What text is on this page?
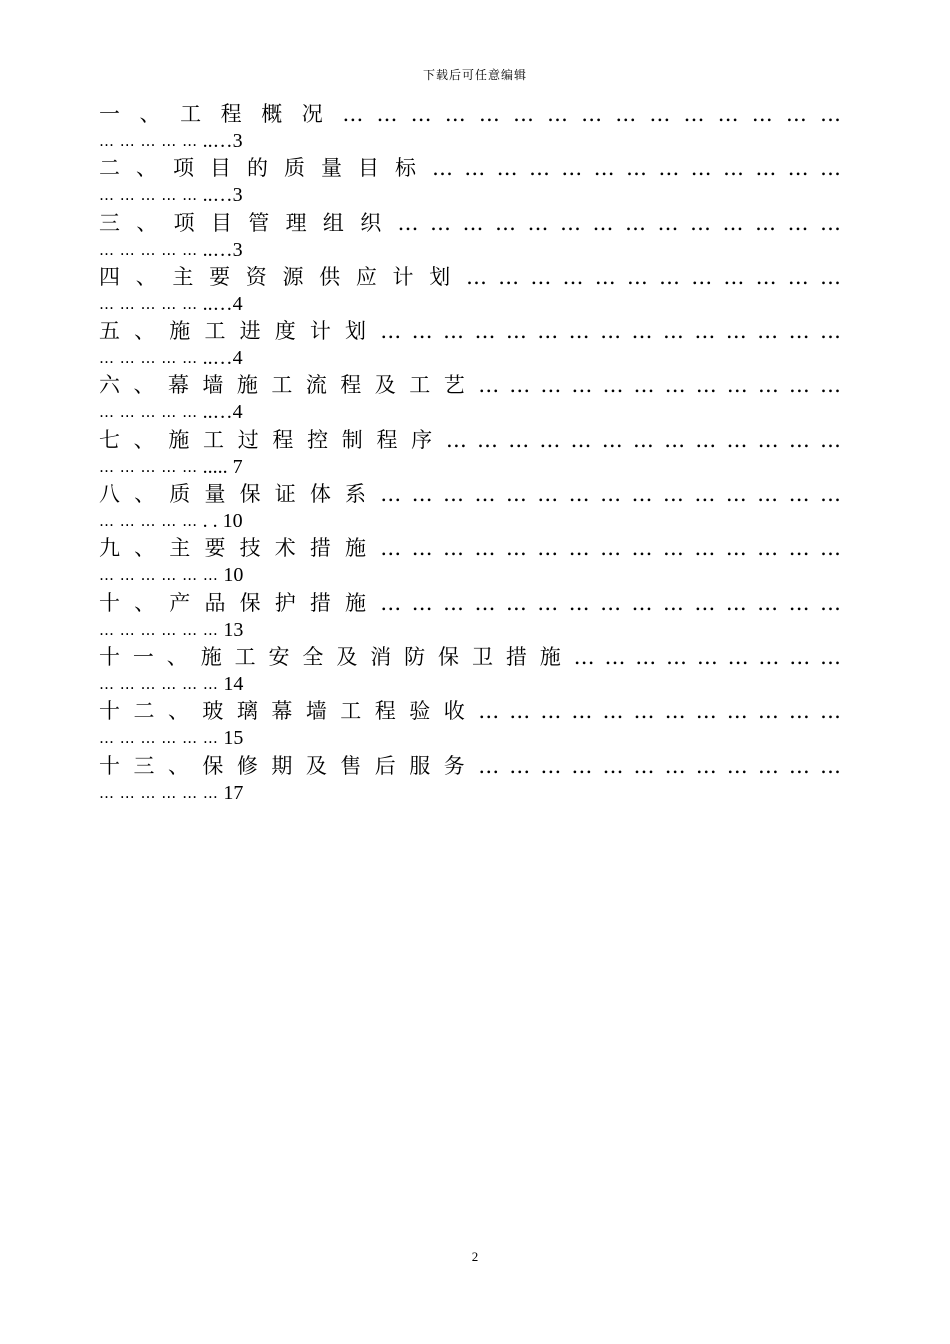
下载后可任意编辑
一 、 工 程 概 况 … … … … … … … … … … … … … … …
… … … … … ..…3
二 、 项 目 的 质 量 目 标 … … … … … … … … … … … … …
… … … … … ..…3
三 、 项 目 管 理 组 织 … … … … … … … … … … … … … …
… … … … … ..…3
四 、 主 要 资 源 供 应 计 划 … … … … … … … … … … … …
… … … … … ..…4
五 、 施 工 进 度 计 划 … … … … … … … … … … … … … … …
… … … … … ..…4
六 、 幕 墙 施 工 流 程 及 工 艺 … … … … … … … … … … … …
… … … … … ..…4
七 、 施 工 过 程 控 制 程 序 … … … … … … … … … … … … …
… … … … … ..... 7
八 、 质 量 保 证 体 系 … … … … … … … … … … … … … … …
… … … … … . . 10
九 、 主 要 技 术 措 施 … … … … … … … … … … … … … … …
… … … … … … 10
十 、 产 品 保 护 措 施 … … … … … … … … … … … … … … …
… … … … … … 13
十 一 、 施 工 安 全 及 消 防 保 卫 措 施 … … … … … … … … …
… … … … … … 14
十 二 、 玻 璃 幕 墙 工 程 验 收 … … … … … … … … … … … …
… … … … … … 15
十 三 、 保 修 期 及 售 后 服 务 … … … … … … … … … … … …
… … … … … … 17
2
